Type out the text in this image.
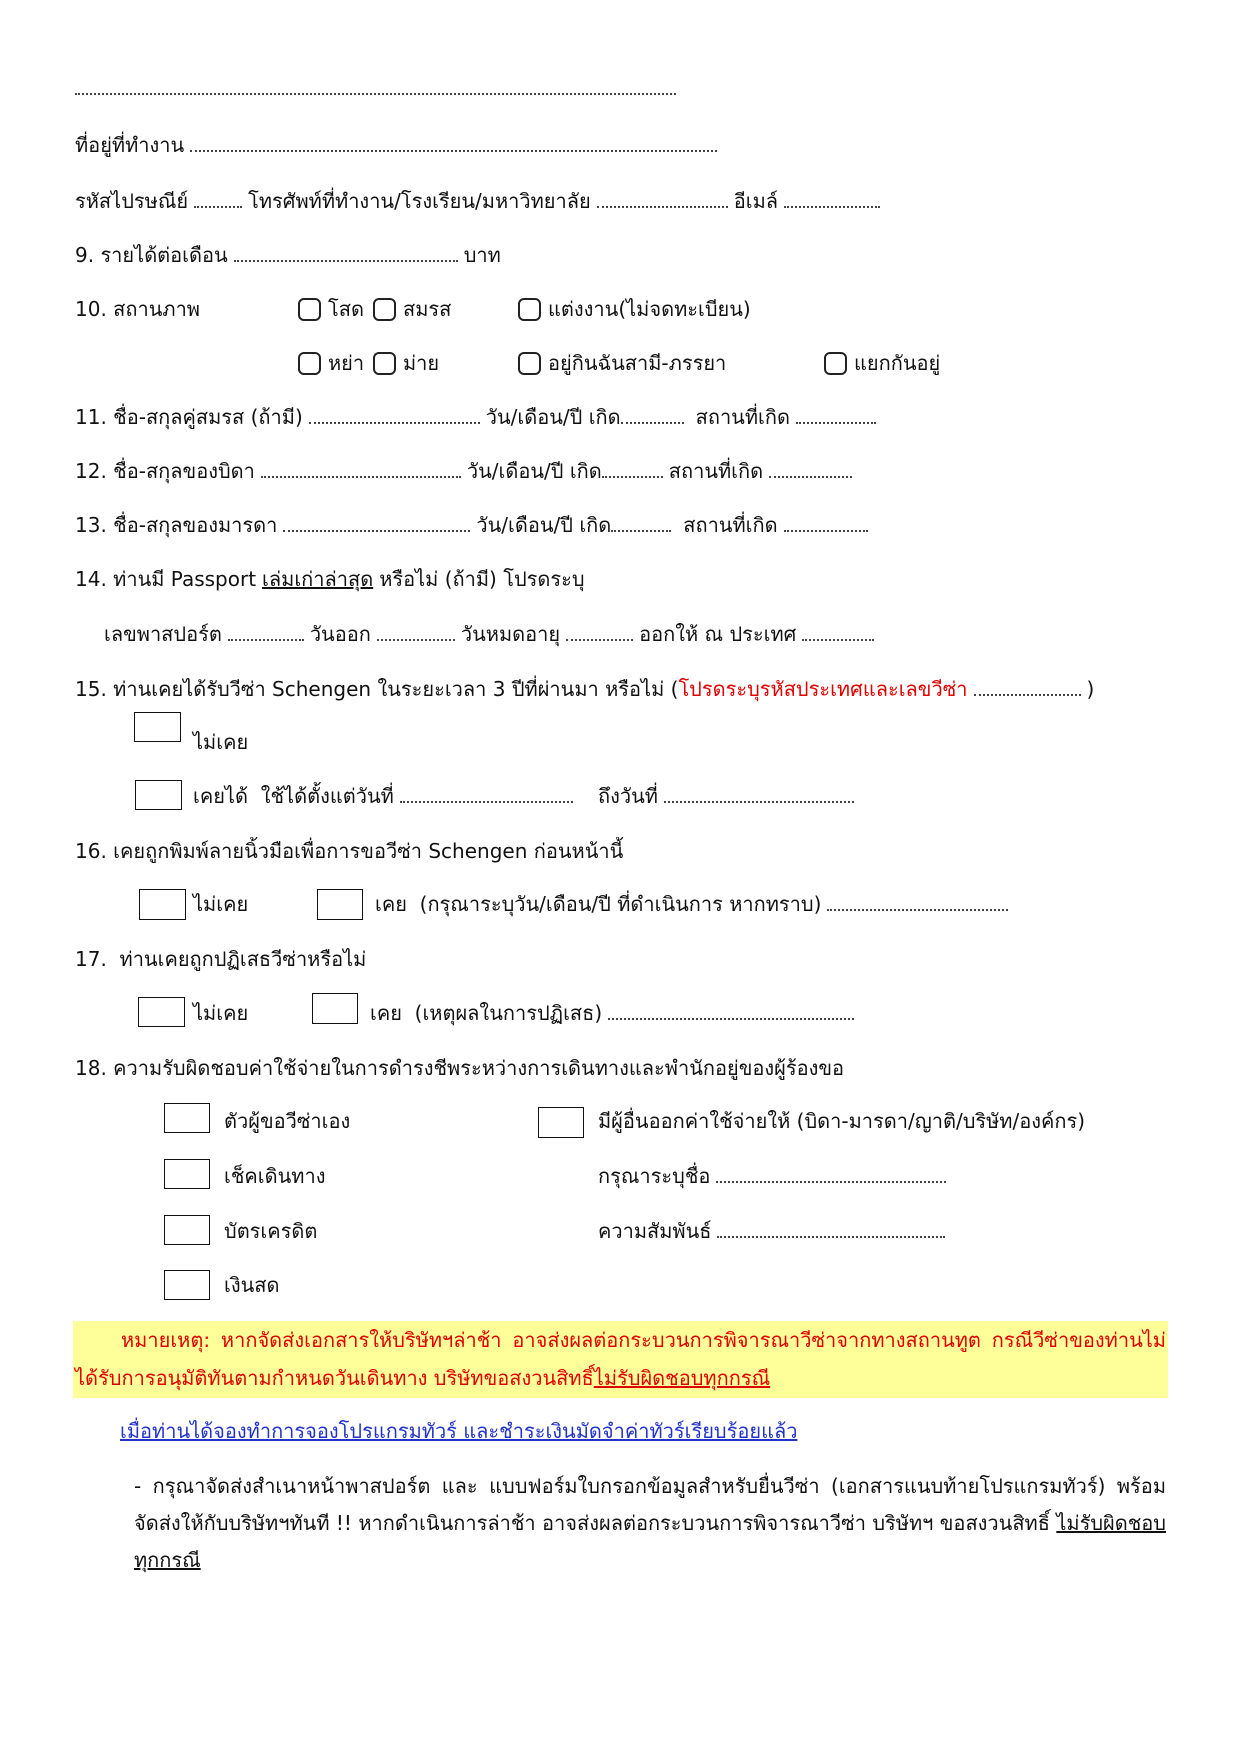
ที่อยู่ที่ทำงาน
รหัสไปรษณีย์	โทรศัพท์ที่ทำงาน/โรงเรียน/มหาวิทยาลัย	อีเมล์
9. รายได้ต่อเดือน	บาท
10. สถานภาพ	โสด สมรส	แต่งงาน(ไม่จดทะเบียน)
หย่า ม่าย	อยู่กินฉันสามี-ภรรยา	แยกกันอยู่
11. ชื่อ-สกุลคู่สมรส (ถ้ามี)	วัน/เดือน/ปี เกิด	สถานที่เกิด
12. ชื่อ-สกุลของบิดา	วัน/เดือน/ปี เกิด	สถานที่เกิด
13. ชื่อ-สกุลของมารดา	วัน/เดือน/ปี เกิด	สถานที่เกิด
14. ท่านมี Passport เล่มเก่าล่าสุด หรือไม่ (ถ้ามี) โปรดระบุ
เลขพาสปอร์ต	วันออก	วันหมดอายุ	ออกให้ ณ ประเทศ
15. ท่านเคยได้รับวีซ่า Schengen ในระยะเวลา 3 ปีที่ผ่านมา หรือไม่ ( โปรดระบุรหัสประเทศและเลขวีซ่า	)
ไม่เคย
เคยได้  ใช้ได้ตั้งแต่วันที่	ถึงวันที่
16. เคยถูกพิมพ์ลายนิ้วมือเพื่อการขอวีซ่า Schengen ก่อนหน้านี้
ไม่เคย	เคย  (กรุณาระบุวัน/เดือน/ปี ที่ดำเนินการ หากทราบ)
17.  ท่านเคยถูกปฏิเสธวีซ่าหรือไม่
ไม่เคย	เคย  (เหตุผลในการปฏิเสธ)
18. ความรับผิดชอบค่าใช้จ่ายในการดำรงชีพระหว่างการเดินทางและพำนักอยู่ของผู้ร้องขอ
ตัวผู้ขอวีซ่าเอง
เช็คเดินทาง
บัตรเครดิต
เงินสด
มีผู้อื่นออกค่าใช้จ่ายให้ (บิดา-มารดา/ญาติ/บริษัท/องค์กร)
กรุณาระบุชื่อ
ความสัมพันธ์
หมายเหตุ: หากจัดส่งเอกสารให้บริษัทฯล่าช้า อาจส่งผลต่อกระบวนการพิจารณาวีซ่าจากทางสถานทูต กรณีวีซ่าของท่านไม่ได้รับการอนุมัติทันตามกำหนดวันเดินทาง บริษัทขอสงวนสิทธิ์ไม่รับผิดชอบทุกกรณี
เมื่อท่านได้จองทำการจองโปรแกรมทัวร์ และชำระเงินมัดจำค่าทัวร์เรียบร้อยแล้ว
- กรุณาจัดส่งสำเนาหน้าพาสปอร์ต และ แบบฟอร์มใบกรอกข้อมูลสำหรับยื่นวีซ่า (เอกสารแนบท้ายโปรแกรมทัวร์) พร้อม จัดส่งให้กับบริษัทฯทันที !! หากดำเนินการล่าช้า อาจส่งผลต่อกระบวนการพิจารณาวีซ่า บริษัทฯ ขอสงวนสิทธิ์ ไม่รับผิดชอบทุกกรณี
